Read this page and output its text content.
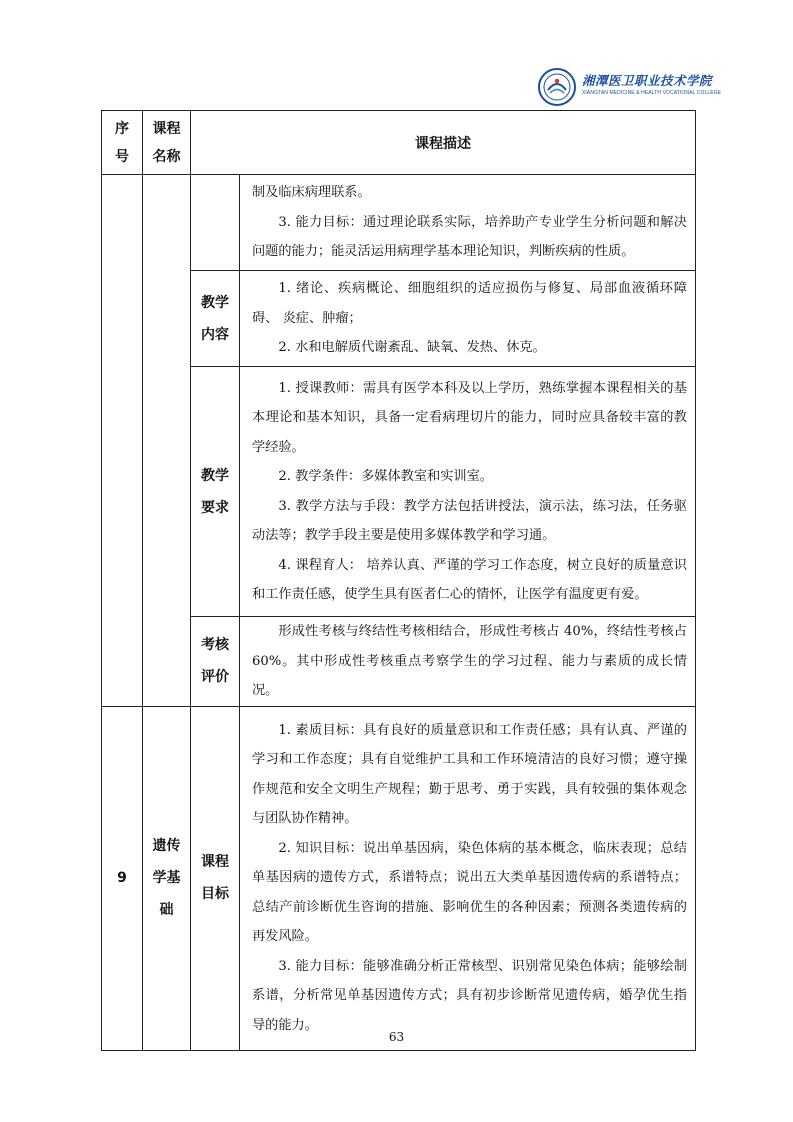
湘潭医卫职业技术学院
XIANGTAN MEDICINE & HEALTH VOCATIONAL COLLEGE
序号	课程名称	课程描述	

			制及临床病理联系。

3. 能力目标：通过理论联系实际，培养助产专业学生分析问题和解决问题的能力；能灵活运用病理学基本理论知识，判断疾病的性质。

		教学内容	1. 绪论、疾病概论、细胞组织的适应损伤与修复、局部血液循环障碍、 炎症、肿瘤；

2. 水和电解质代谢紊乱、缺氧、发热、休克。

		教学要求	1. 授课教师：需具有医学本科及以上学历，熟练掌握本课程相关的基本理论和基本知识，具备一定看病理切片的能力，同时应具备较丰富的教学经验。

2. 教学条件：多媒体教室和实训室。

3. 教学方法与手段：教学方法包括讲授法，演示法，练习法，任务驱动法等；教学手段主要是使用多媒体教学和学习通。

4. 课程育人： 培养认真、严谨的学习工作态度，树立良好的质量意识和工作责任感，使学生具有医者仁心的情怀，让医学有温度更有爱。

		考核评价	形成性考核与终结性考核相结合，形成性考核占 40%，终结性考核占 60%。其中形成性考核重点考察学生的学习过程、能力与素质的成长情况。

9	遗传学基础	课程目标	1. 素质目标：具有良好的质量意识和工作责任感；具有认真、严谨的学习和工作态度；具有自觉维护工具和工作环境清洁的良好习惯；遵守操作规范和安全文明生产规程；勤于思考、勇于实践，具有较强的集体观念与团队协作精神。

2. 知识目标：说出单基因病，染色体病的基本概念，临床表现；总结单基因病的遗传方式，系谱特点；说出五大类单基因遗传病的系谱特点；总结产前诊断优生咨询的措施、影响优生的各种因素；预测各类遗传病的再发风险。

3. 能力目标：能够准确分析正常核型、识别常见染色体病；能够绘制系谱，分析常见单基因遗传方式；具有初步诊断常见遗传病，婚孕优生指导的能力。

63
